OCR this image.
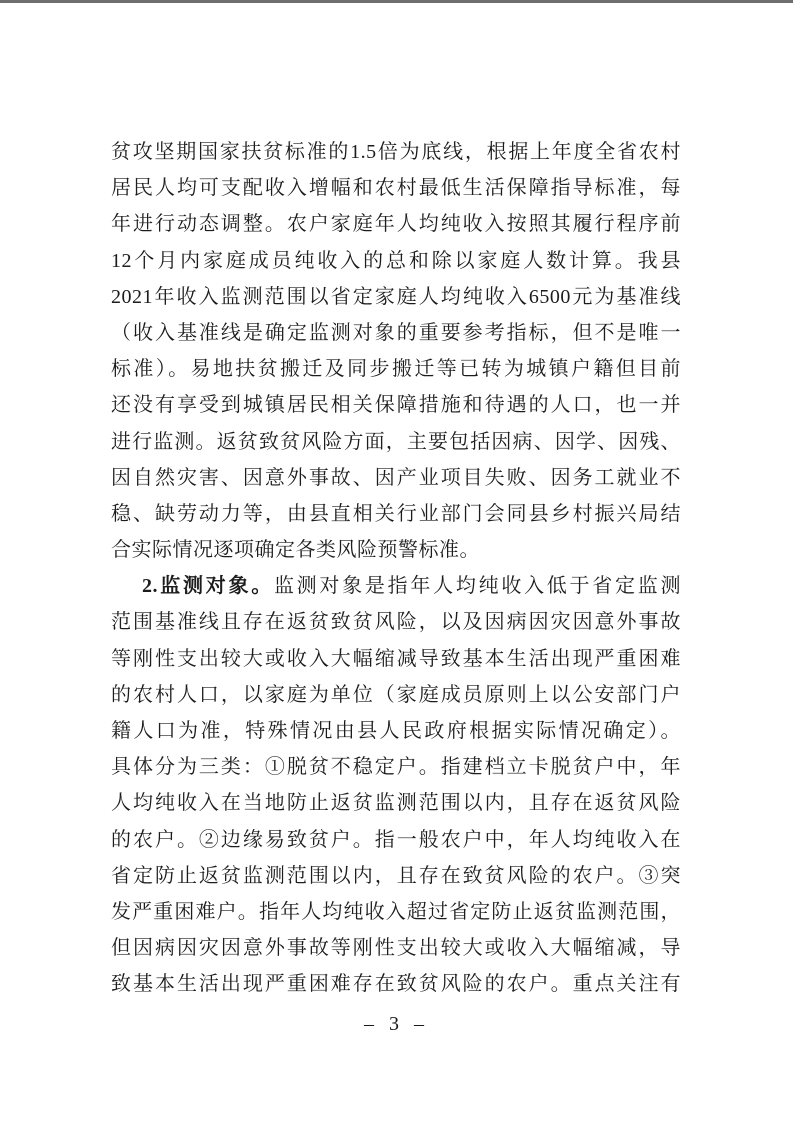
贫攻坚期国家扶贫标准的1.5倍为底线，根据上年度全省农村
居民人均可支配收入增幅和农村最低生活保障指导标准，每
年进行动态调整。农户家庭年人均纯收入按照其履行程序前
12个月内家庭成员纯收入的总和除以家庭人数计算。我县
2021年收入监测范围以省定家庭人均纯收入6500元为基准线
（收入基准线是确定监测对象的重要参考指标，但不是唯一
标准）。易地扶贫搬迁及同步搬迁等已转为城镇户籍但目前
还没有享受到城镇居民相关保障措施和待遇的人口，也一并
进行监测。返贫致贫风险方面，主要包括因病、因学、因残、
因自然灾害、因意外事故、因产业项目失败、因务工就业不
稳、缺劳动力等，由县直相关行业部门会同县乡村振兴局结
合实际情况逐项确定各类风险预警标准。
2.监测对象。监测对象是指年人均纯收入低于省定监测
范围基准线且存在返贫致贫风险，以及因病因灾因意外事故
等刚性支出较大或收入大幅缩减导致基本生活出现严重困难
的农村人口，以家庭为单位（家庭成员原则上以公安部门户
籍人口为准，特殊情况由县人民政府根据实际情况确定）。
具体分为三类：①脱贫不稳定户。指建档立卡脱贫户中，年
人均纯收入在当地防止返贫监测范围以内，且存在返贫风险
的农户。②边缘易致贫户。指一般农户中，年人均纯收入在
省定防止返贫监测范围以内，且存在致贫风险的农户。③突
发严重困难户。指年人均纯收入超过省定防止返贫监测范围，
但因病因灾因意外事故等刚性支出较大或收入大幅缩减，导
致基本生活出现严重困难存在致贫风险的农户。重点关注有
– 3 –
